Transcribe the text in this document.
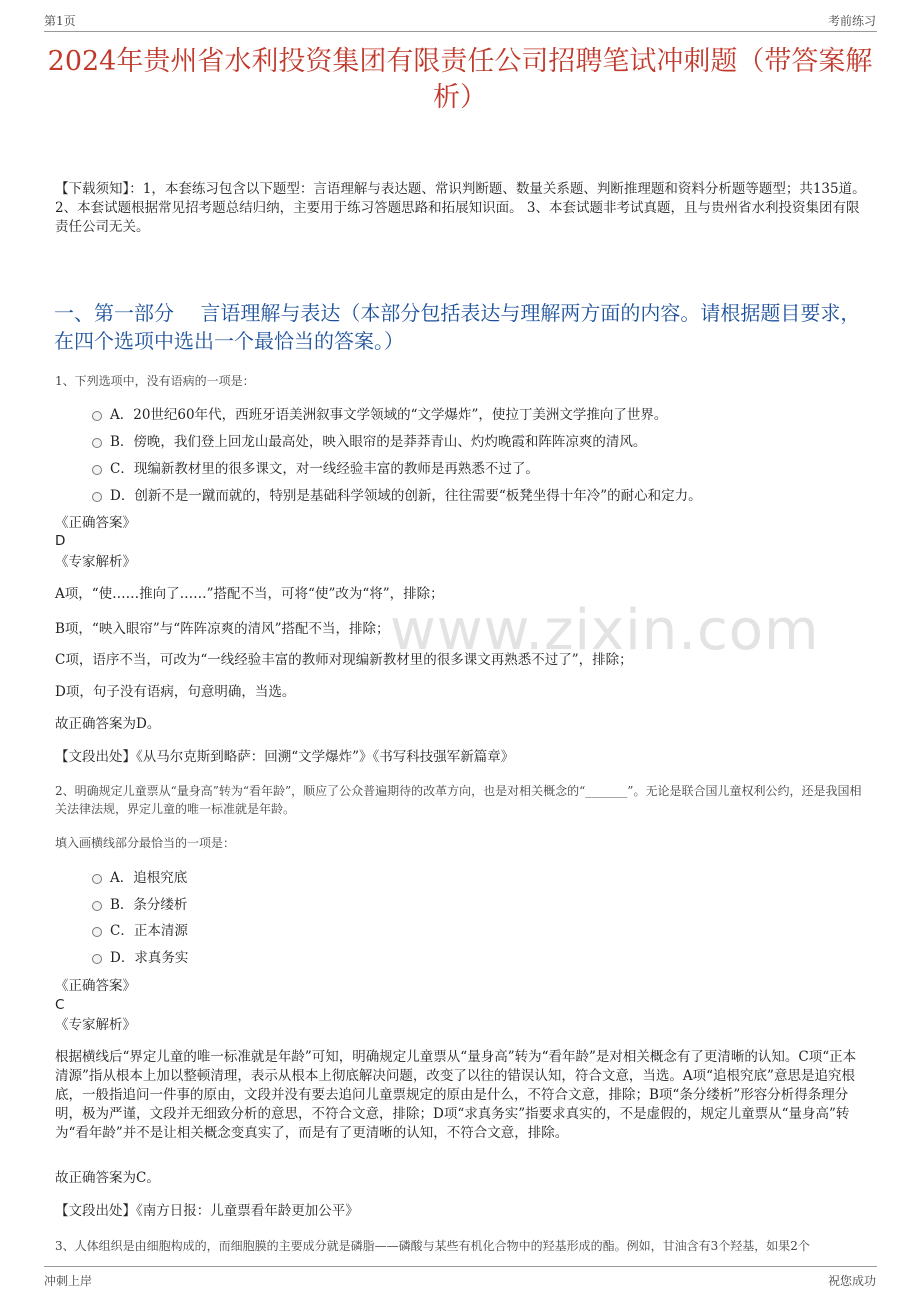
第1页	考前练习
www.zixin.com
2024年贵州省水利投资集团有限责任公司招聘笔试冲刺题（带答案解析）
【下载须知】：1，本套练习包含以下题型：言语理解与表达题、常识判断题、数量关系题、判断推理题和资料分析题等题型；共135道。 2、本套试题根据常见招考题总结归纳，主要用于练习答题思路和拓展知识面。 3、本套试题非考试真题，且与贵州省水利投资集团有限责任公司无关。
一、第一部分　 言语理解与表达（本部分包括表达与理解两方面的内容。请根据题目要求，在四个选项中选出一个最恰当的答案。）
1、下列选项中，没有语病的一项是：
A．20世纪60年代，西班牙语美洲叙事文学领域的“文学爆炸”，使拉丁美洲文学推向了世界。
B．傍晚，我们登上回龙山最高处，映入眼帘的是莽莽青山、灼灼晚霞和阵阵凉爽的清风。
C．现编新教材里的很多课文，对一线经验丰富的教师是再熟悉不过了。
D．创新不是一蹴而就的，特别是基础科学领域的创新，往往需要“板凳坐得十年冷”的耐心和定力。
《正确答案》
D
《专家解析》
A项，“使……推向了……”搭配不当，可将“使”改为“将”，排除；
B项，“映入眼帘”与“阵阵凉爽的清风”搭配不当，排除；
C项，语序不当，可改为“一线经验丰富的教师对现编新教材里的很多课文再熟悉不过了”，排除；
D项，句子没有语病，句意明确，当选。
故正确答案为D。
【文段出处】《从马尔克斯到略萨：回溯“文学爆炸”》《书写科技强军新篇章》
2、明确规定儿童票从“量身高”转为“看年龄”，顺应了公众普遍期待的改革方向，也是对相关概念的“_______”。无论是联合国儿童权利公约，还是我国相关法律法规，界定儿童的唯一标准就是年龄。
填入画横线部分最恰当的一项是：
A．追根究底
B．条分缕析
C．正本清源
D．求真务实
《正确答案》
C
《专家解析》
根据横线后“界定儿童的唯一标准就是年龄”可知，明确规定儿童票从“量身高”转为“看年龄”是对相关概念有了更清晰的认知。C项“正本清源”指从根本上加以整顿清理，表示从根本上彻底解决问题，改变了以往的错误认知，符合文意，当选。A项“追根究底”意思是追究根底，一般指追问一件事的原由，文段并没有要去追问儿童票规定的原由是什么，不符合文意，排除；B项“条分缕析”形容分析得条理分明，极为严谨，文段并无细致分析的意思，不符合文意，排除；D项“求真务实”指要求真实的，不是虚假的，规定儿童票从“量身高”转为“看年龄”并不是让相关概念变真实了，而是有了更清晰的认知，不符合文意，排除。
故正确答案为C。
【文段出处】《南方日报：儿童票看年龄更加公平》
3、人体组织是由细胞构成的，而细胞膜的主要成分就是磷脂——磷酸与某些有机化合物中的羟基形成的酯。例如，甘油含有3个羟基，如果2个
冲刺上岸	祝您成功
